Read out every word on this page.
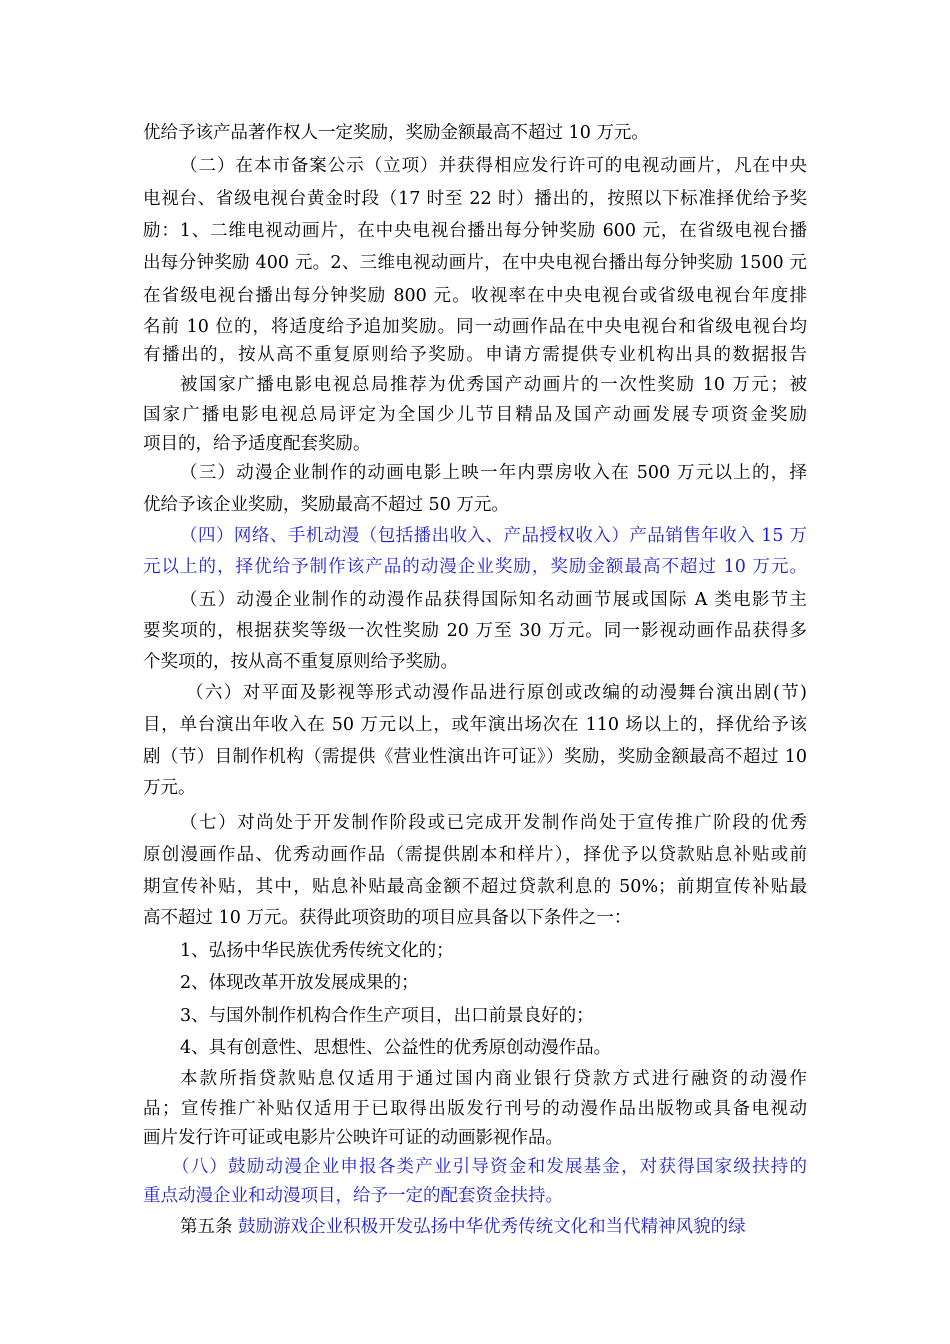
优给予该产品著作权人一定奖励，奖励金额最高不超过 10 万元。
（二）在本市备案公示（立项）并获得相应发行许可的电视动画片，凡在中央
电视台、省级电视台黄金时段（17 时至 22 时）播出的，按照以下标准择优给予奖
励：1、二维电视动画片，在中央电视台播出每分钟奖励 600 元，在省级电视台播
出每分钟奖励 400 元。2、三维电视动画片，在中央电视台播出每分钟奖励 1500 元
在省级电视台播出每分钟奖励 800 元。收视率在中央电视台或省级电视台年度排
名前 10 位的，将适度给予追加奖励。同一动画作品在中央电视台和省级电视台均
有播出的，按从高不重复原则给予奖励。申请方需提供专业机构出具的数据报告
被国家广播电影电视总局推荐为优秀国产动画片的一次性奖励 10 万元；被
国家广播电影电视总局评定为全国少儿节目精品及国产动画发展专项资金奖励
项目的，给予适度配套奖励。
（三）动漫企业制作的动画电影上映一年内票房收入在 500 万元以上的，择
优给予该企业奖励，奖励最高不超过 50 万元。
（四）网络、手机动漫（包括播出收入、产品授权收入）产品销售年收入 15 万
元以上的，择优给予制作该产品的动漫企业奖励，奖励金额最高不超过 10 万元。
（五）动漫企业制作的动漫作品获得国际知名动画节展或国际 A 类电影节主
要奖项的，根据获奖等级一次性奖励 20 万至 30 万元。同一影视动画作品获得多
个奖项的，按从高不重复原则给予奖励。
（六）对平面及影视等形式动漫作品进行原创或改编的动漫舞台演出剧(节)
目，单台演出年收入在 50 万元以上，或年演出场次在 110 场以上的，择优给予该
剧（节）目制作机构（需提供《营业性演出许可证》）奖励，奖励金额最高不超过 10
万元。
（七）对尚处于开发制作阶段或已完成开发制作尚处于宣传推广阶段的优秀
原创漫画作品、优秀动画作品（需提供剧本和样片），择优予以贷款贴息补贴或前
期宣传补贴，其中，贴息补贴最高金额不超过贷款利息的 50%；前期宣传补贴最
高不超过 10 万元。获得此项资助的项目应具备以下条件之一：
1、弘扬中华民族优秀传统文化的；
2、体现改革开放发展成果的；
3、与国外制作机构合作生产项目，出口前景良好的；
4、具有创意性、思想性、公益性的优秀原创动漫作品。
本款所指贷款贴息仅适用于通过国内商业银行贷款方式进行融资的动漫作
品；宣传推广补贴仅适用于已取得出版发行刊号的动漫作品出版物或具备电视动
画片发行许可证或电影片公映许可证的动画影视作品。
（八）鼓励动漫企业申报各类产业引导资金和发展基金，对获得国家级扶持的
重点动漫企业和动漫项目，给予一定的配套资金扶持。
第五条 鼓励游戏企业积极开发弘扬中华优秀传统文化和当代精神风貌的绿
